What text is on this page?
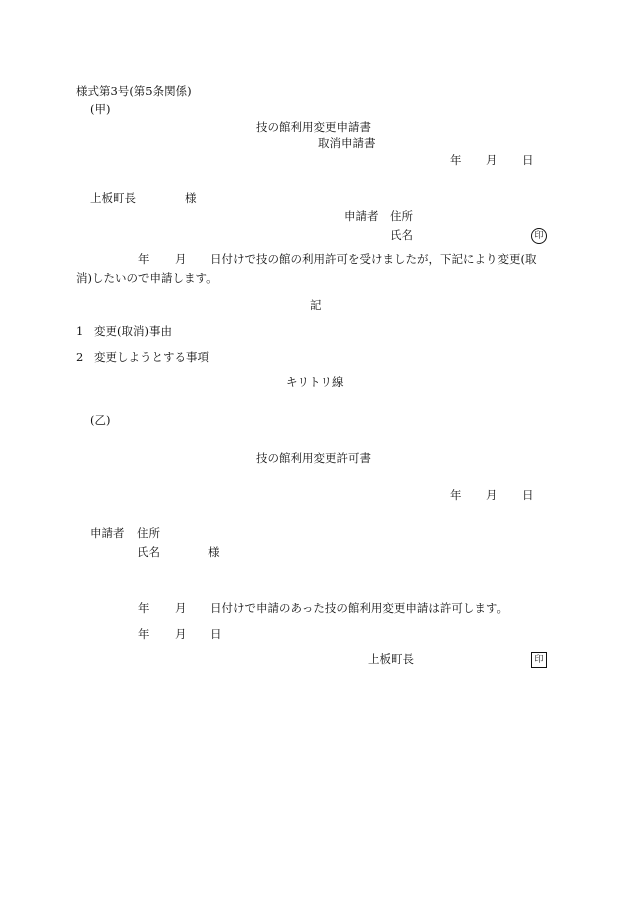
様式第3号(第5条関係)
(甲)
技の館利用変更申請書
取消申請書
年 月 日
上板町長	様
申請者 住所
氏名	印
年 月 日付けで技の館の利用許可を受けましたが，下記により変更(取
消)したいので申請します。
記
1 変更(取消)事由
2 変更しようとする事項
キリトリ線
(乙)
技の館利用変更許可書
年 月 日
申請者 住所
氏名	様
年 月 日付けで申請のあった技の館利用変更申請は許可します。
年 月 日
上板町長	印
